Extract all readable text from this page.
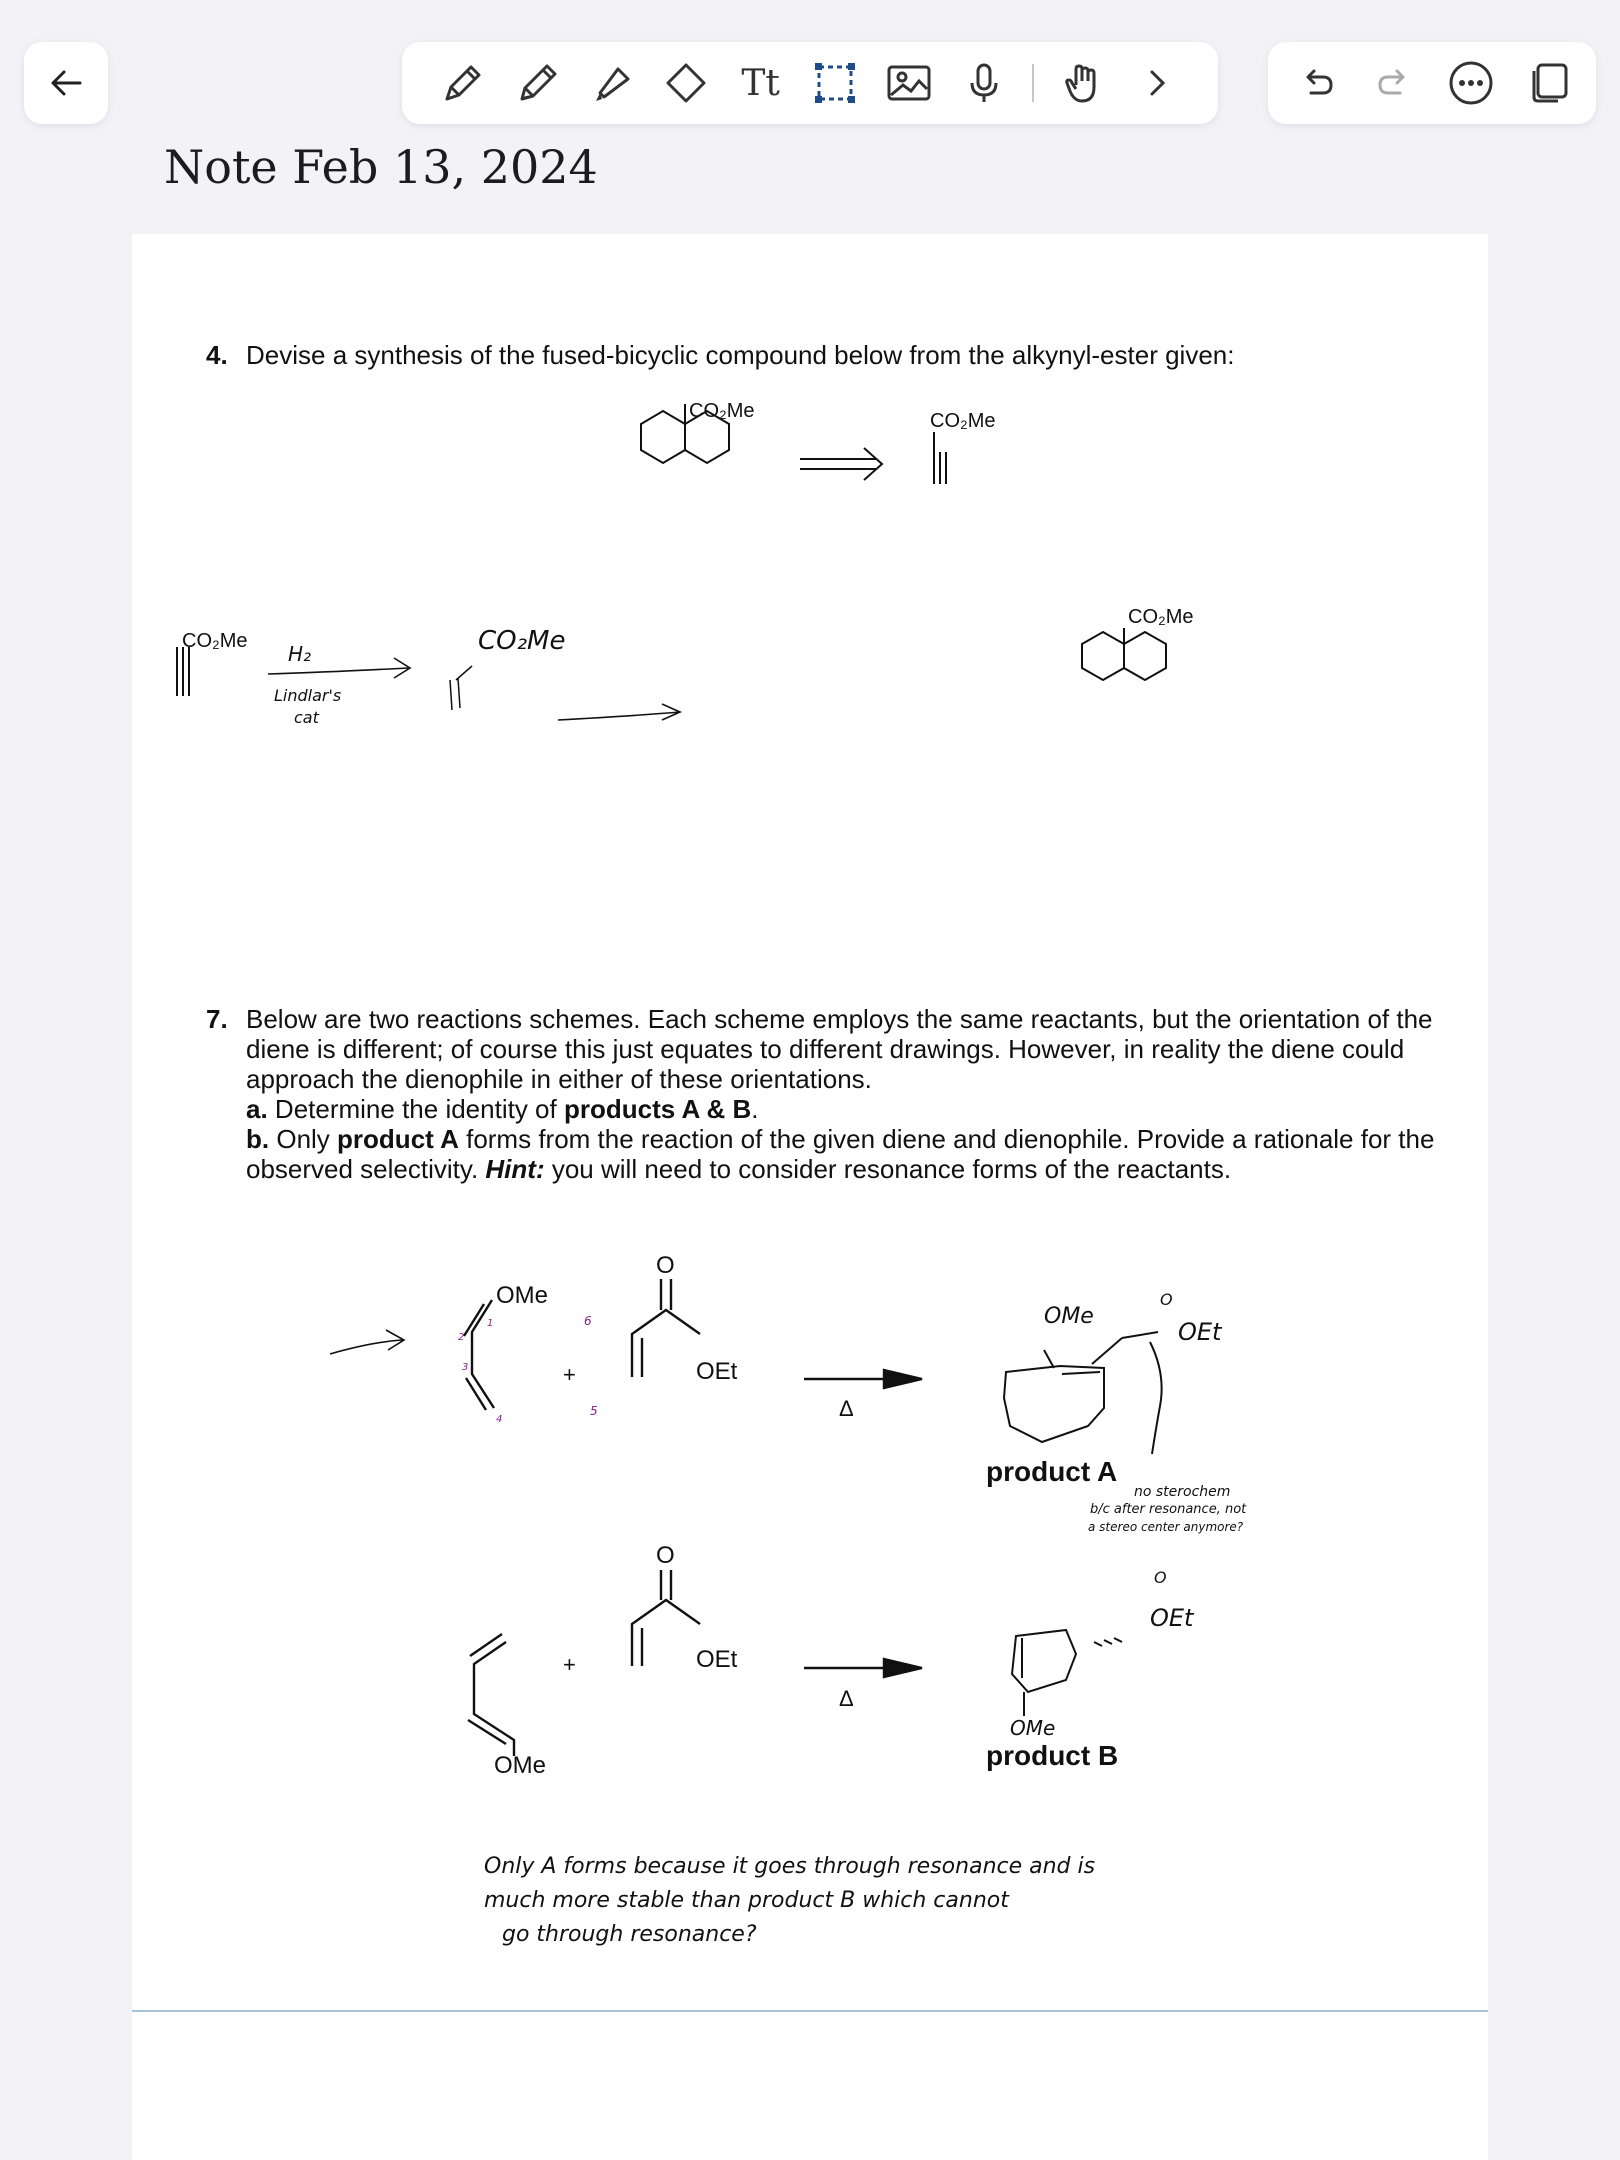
Tt
Note Feb 13, 2024
4. Devise a synthesis of the fused-bicyclic compound below from the alkynyl-ester given:
CO₂Me	CO₂Me
CO₂Me
H₂
Lindlar's
cat
CO₂Me
CO₂Me
7. Below are two reactions schemes. Each scheme employs the same reactants, but the orientation of the diene is different; of course this just equates to different drawings. However, in reality the diene could approach the dienophile in either of these orientations.
a. Determine the identity of products A & B.
b. Only product A forms from the reaction of the given diene and dienophile. Provide a rationale for the observed selectivity. Hint: you will need to consider resonance forms of the reactants.
OMe
+
O
OEt
Δ
product A
1
2
3
4
5
6	OMe
O
OEt
no sterochem
b/c after resonance, not
a stereo center anymore?
OMe
+
O
OEt
Δ
product B
OMe
O
OEt
Only A forms because it goes through resonance and is
much more stable than product B which cannot
go through resonance?
